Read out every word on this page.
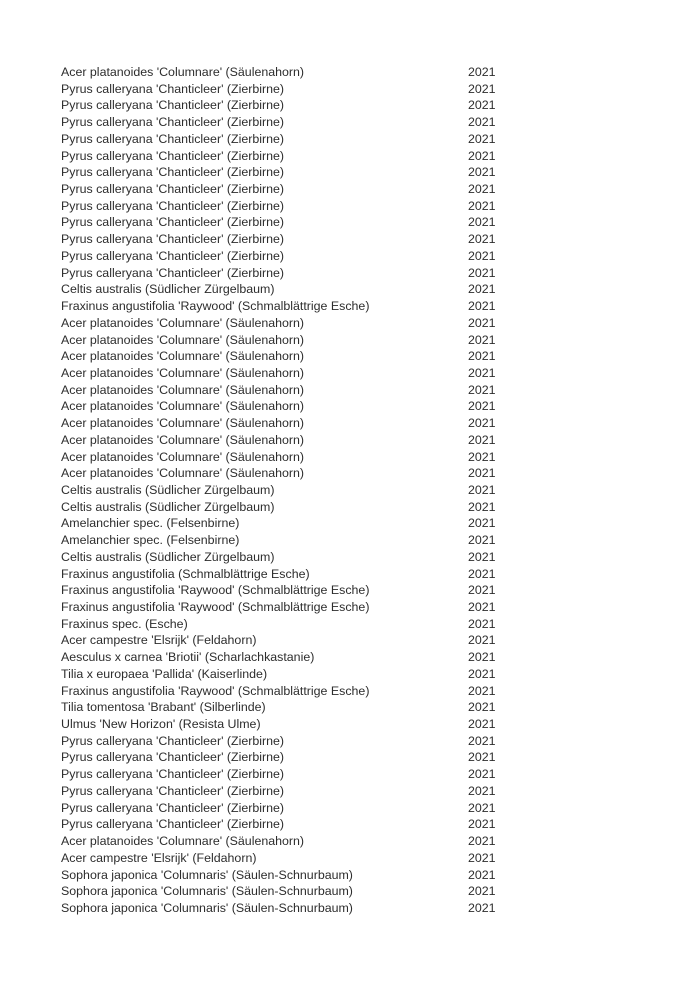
Acer platanoides 'Columnare' (Säulenahorn)	2021
Pyrus calleryana 'Chanticleer' (Zierbirne)	2021
Pyrus calleryana 'Chanticleer' (Zierbirne)	2021
Pyrus calleryana 'Chanticleer' (Zierbirne)	2021
Pyrus calleryana 'Chanticleer' (Zierbirne)	2021
Pyrus calleryana 'Chanticleer' (Zierbirne)	2021
Pyrus calleryana 'Chanticleer' (Zierbirne)	2021
Pyrus calleryana 'Chanticleer' (Zierbirne)	2021
Pyrus calleryana 'Chanticleer' (Zierbirne)	2021
Pyrus calleryana 'Chanticleer' (Zierbirne)	2021
Pyrus calleryana 'Chanticleer' (Zierbirne)	2021
Pyrus calleryana 'Chanticleer' (Zierbirne)	2021
Pyrus calleryana 'Chanticleer' (Zierbirne)	2021
Celtis australis (Südlicher Zürgelbaum)	2021
Fraxinus angustifolia 'Raywood' (Schmalblättrige Esche)	2021
Acer platanoides 'Columnare' (Säulenahorn)	2021
Acer platanoides 'Columnare' (Säulenahorn)	2021
Acer platanoides 'Columnare' (Säulenahorn)	2021
Acer platanoides 'Columnare' (Säulenahorn)	2021
Acer platanoides 'Columnare' (Säulenahorn)	2021
Acer platanoides 'Columnare' (Säulenahorn)	2021
Acer platanoides 'Columnare' (Säulenahorn)	2021
Acer platanoides 'Columnare' (Säulenahorn)	2021
Acer platanoides 'Columnare' (Säulenahorn)	2021
Acer platanoides 'Columnare' (Säulenahorn)	2021
Celtis australis (Südlicher Zürgelbaum)	2021
Celtis australis (Südlicher Zürgelbaum)	2021
Amelanchier spec. (Felsenbirne)	2021
Amelanchier spec. (Felsenbirne)	2021
Celtis australis (Südlicher Zürgelbaum)	2021
Fraxinus angustifolia (Schmalblättrige Esche)	2021
Fraxinus angustifolia 'Raywood' (Schmalblättrige Esche)	2021
Fraxinus angustifolia 'Raywood' (Schmalblättrige Esche)	2021
Fraxinus spec. (Esche)	2021
Acer campestre 'Elsrijk' (Feldahorn)	2021
Aesculus x carnea 'Briotii' (Scharlachkastanie)	2021
Tilia x europaea 'Pallida' (Kaiserlinde)	2021
Fraxinus angustifolia 'Raywood' (Schmalblättrige Esche)	2021
Tilia tomentosa 'Brabant' (Silberlinde)	2021
Ulmus 'New Horizon' (Resista Ulme)	2021
Pyrus calleryana 'Chanticleer' (Zierbirne)	2021
Pyrus calleryana 'Chanticleer' (Zierbirne)	2021
Pyrus calleryana 'Chanticleer' (Zierbirne)	2021
Pyrus calleryana 'Chanticleer' (Zierbirne)	2021
Pyrus calleryana 'Chanticleer' (Zierbirne)	2021
Pyrus calleryana 'Chanticleer' (Zierbirne)	2021
Acer platanoides 'Columnare' (Säulenahorn)	2021
Acer campestre 'Elsrijk' (Feldahorn)	2021
Sophora japonica 'Columnaris' (Säulen-Schnurbaum)	2021
Sophora japonica 'Columnaris' (Säulen-Schnurbaum)	2021
Sophora japonica 'Columnaris' (Säulen-Schnurbaum)	2021
